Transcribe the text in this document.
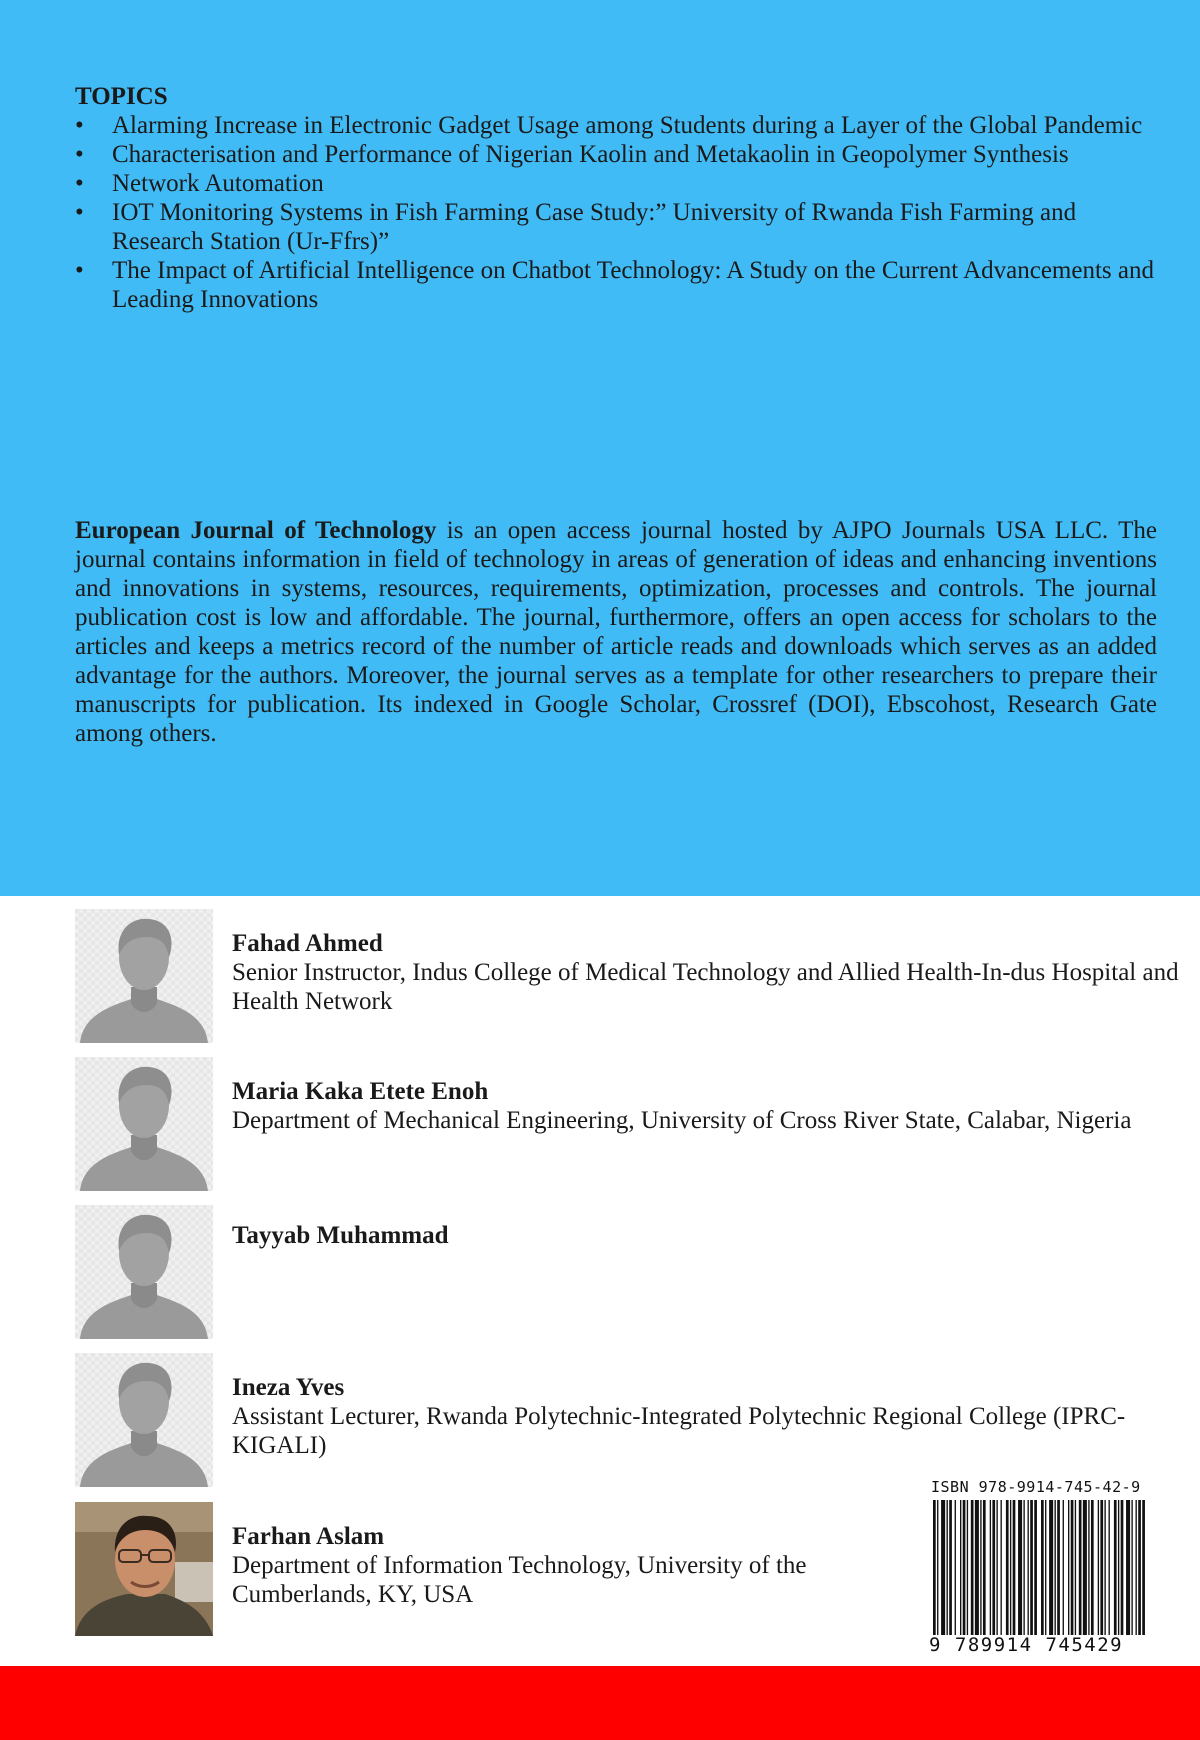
TOPICS

• Alarming Increase in Electronic Gadget Usage among Students during a Layer of the Global Pandemic
• Characterisation and Performance of Nigerian Kaolin and Metakaolin in Geopolymer Synthesis
• Network Automation
• IOT Monitoring Systems in Fish Farming Case Study:” University of Rwanda Fish Farming and Research Station (Ur-Ffrs)”
• The Impact of Artificial Intelligence on Chatbot Technology: A Study on the Current Advancements and Leading Innovations

European Journal of Technology is an open access journal hosted by AJPO Journals USA LLC. The journal contains information in field of technology in areas of generation of ideas and enhancing inventions and innovations in systems, resources, requirements, optimization, processes and controls. The journal publication cost is low and affordable. The journal, furthermore, offers an open access for scholars to the articles and keeps a metrics record of the number of article reads and downloads which serves as an added advantage for the authors. Moreover, the journal serves as a template for other researchers to prepare their manuscripts for publication. Its indexed in Google Scholar, Crossref (DOI), Ebscohost, Research Gate among others.

Fahad Ahmed
Senior Instructor, Indus College of Medical Technology and Allied Health-In-dus Hospital and Health Network
Maria Kaka Etete Enoh
Department of Mechanical Engineering, University of Cross River State, Calabar, Nigeria
Tayyab Muhammad
Ineza Yves
Assistant Lecturer, Rwanda Polytechnic-Integrated Polytechnic Regional College (IPRC-KIGALI)
Farhan Aslam
Department of Information Technology, University of the Cumberlands, KY, USA
ISBN 978-9914-745-42-9
9 789914 745429
